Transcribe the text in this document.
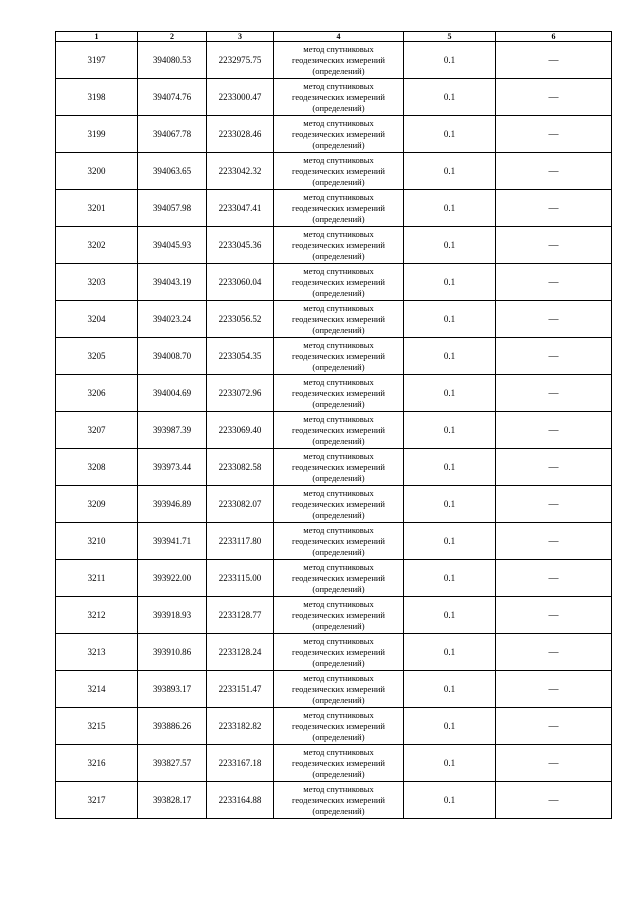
1	2	3	4	5	6
3197	394080.53	2232975.75	метод спутниковых
геодезических измерений
(определений)	0.1	—
3198	394074.76	2233000.47	метод спутниковых
геодезических измерений
(определений)	0.1	—
3199	394067.78	2233028.46	метод спутниковых
геодезических измерений
(определений)	0.1	—
3200	394063.65	2233042.32	метод спутниковых
геодезических измерений
(определений)	0.1	—
3201	394057.98	2233047.41	метод спутниковых
геодезических измерений
(определений)	0.1	—
3202	394045.93	2233045.36	метод спутниковых
геодезических измерений
(определений)	0.1	—
3203	394043.19	2233060.04	метод спутниковых
геодезических измерений
(определений)	0.1	—
3204	394023.24	2233056.52	метод спутниковых
геодезических измерений
(определений)	0.1	—
3205	394008.70	2233054.35	метод спутниковых
геодезических измерений
(определений)	0.1	—
3206	394004.69	2233072.96	метод спутниковых
геодезических измерений
(определений)	0.1	—
3207	393987.39	2233069.40	метод спутниковых
геодезических измерений
(определений)	0.1	—
3208	393973.44	2233082.58	метод спутниковых
геодезических измерений
(определений)	0.1	—
3209	393946.89	2233082.07	метод спутниковых
геодезических измерений
(определений)	0.1	—
3210	393941.71	2233117.80	метод спутниковых
геодезических измерений
(определений)	0.1	—
3211	393922.00	2233115.00	метод спутниковых
геодезических измерений
(определений)	0.1	—
3212	393918.93	2233128.77	метод спутниковых
геодезических измерений
(определений)	0.1	—
3213	393910.86	2233128.24	метод спутниковых
геодезических измерений
(определений)	0.1	—
3214	393893.17	2233151.47	метод спутниковых
геодезических измерений
(определений)	0.1	—
3215	393886.26	2233182.82	метод спутниковых
геодезических измерений
(определений)	0.1	—
3216	393827.57	2233167.18	метод спутниковых
геодезических измерений
(определений)	0.1	—
3217	393828.17	2233164.88	метод спутниковых
геодезических измерений
(определений)	0.1	—
